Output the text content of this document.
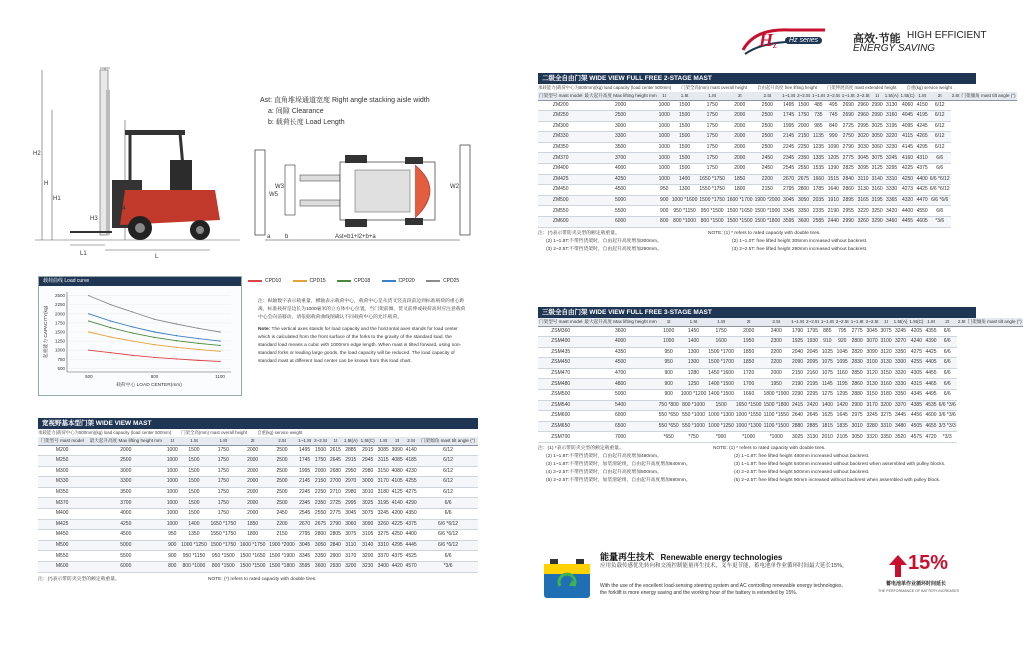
H z	Hz series	高效·节能 HIGH EFFICIENT
ENERGY SAVING
H2
H
H1
H3
H4
L1	L
Ast: 直角堆垛通道宽度 Right angle stacking aisle width
a: 间隙 Clearance
b: 载荷长度 Load Length
W3
W5
W2
a b	Ast=b1+l2+b+a
载荷曲线 Load curve
500
750
1000
1250
1500
1750
2000
2250
2500
500	800	1100
载荷中心 LOAD CENTER(mm)
起重能力 CAPACITY(kg)
CPD10
	CPD15
	CPD18
	CPD20
	CPD25
注：纵轴数字表示载重量，横轴表示载荷中心，载荷中心是从货叉竖直段前边到标准载荷的重心距离，标准载荷是边长为1000毫米的立方体中心位置。当门架前倾、货叉前伸或载荷高时应注意载荷中心会向前移动，请依据载荷曲线图确认不同载荷中心的允许载荷。
Note: The vertical axes stands for load capacity and the horizontal axes stands for load center which is calculated from the front surface of the forks to the gravity of the standard load. the standard load means a cubic with 1000mm edge length. When mast is tilted forward, using non-standard forks or leading large goods, the load capacity will be reduced. The load capacity of standard mast at different load center can be known from this load chart.
宽视野基本型门架 WIDE VIEW MAST
承载能力(载荷中心为500mm)(kg) load capacity (load center 500mm) 门架全高(mm) mast overall height 自重(kg) service weight
门架型号 mast model	最大起升高度 Max lifting height mm	1t	1.5t	1.8t	2t	2.5t	1~1.8t	2~2.5t	1t	1.5t(A)	1.5t(C)	1.8t	2t	2.5t	门架倾角 mast tilt angle (°)
M200	2000	1000	1500	1750	2000	2500	1495	1500	2615	2885	2915	3085	3990	4140	6/12
M250	2500	1000	1500	1750	2000	2500	1745	1750	2645	2915	2945	3115	4085	4185	6/12
M300	3000	1000	1500	1750	2000	2500	1995	2000	2680	2950	2980	3150	4080	4230	6/12
M330	3300	1000	1500	1750	2000	2500	2145	2150	2700	2970	3000	3170	4105	4255	6/12
M350	3500	1000	1500	1750	2000	2500	2245	2250	2710	2980	3010	3180	4125	4275	6/12
M370	3700	1000	1500	1750	2000	2500	2345	2350	2725	2995	3025	3195	4140	4290	6/6
M400	4000	1000	1500	1750	2000	2450	2545	2550	2775	3045	3075	3245	4200	4350	6/6
M425	4250	1000	1400	1650 *1750	1850	2200	2670	2675	2790	3060	3090	3260	4225	4375	6/6 *6/12
M450	4500	950	1350	1550 *1750	1800	2150	2795	2800	2805	3075	3105	3275	4250	4400	6/6 *6/12
M500	5000	900	1000 *1250	1500 *1750	1600 *1750	1900 *2000	3045	3050	2840	3110	3140	3310	4295	4445	6/6 *6/12
M550	5500	900	950 *1150	950 *1500	1500 *1650	1500 *1900	3345	3350	2900	3170	3200	3370	4375	4525	6/6
M600	6000	800	800 *1000	800 *1500	1500 *1500	1500 *1800	3595	3600	2930	3200	3230	3400	4420	4570	*3/6
注：(*)表示带防夹尖型的额定载重量。	NOTE: (*) refers to rated capacity with double tires.
二级全自由门架 WIDE VIEW FULL FREE 2-STAGE MAST
承载能力(载荷中心为500mm)(kg) load capacity (load center 500mm) 门架全高(mm) mast overall height 自由起升高度 free lifting height 门架伸展高度 mast extended height 自重(kg) service weight
门架型号 mast model	最大起升高度 Max lifting height mm	1t	1.5t	1.8t	2t	2.5t	1~1.8t	2~2.5t	1~1.8t	2~2.5t	1~1.8t	2~2.5t	1t	1.5t(A)	1.5t(C)	1.8t	2t	2.5t	门架倾角 mast tilt angle (°)
ZM200	2000	1000	1500	1750	2000	2500	1495	1500	485	495	2690	2960	2990	3130	4060	4150	6/12		
ZM250	2500	1000	1500	1750	2000	2500	1745	1750	735	745	2690	2960	2990	3160	4045	4195	6/12		
ZM300	3000	1000	1500	1750	2000	2500	1995	2000	985	840	2725	2995	3025	3195	4095	4245	6/12		
ZM330	3300	1000	1500	1750	2000	2500	2145	2150	1135	990	2750	3020	3050	3220	4115	4265	6/12		
ZM350	3500	1000	1500	1750	2000	2500	2245	2250	1235	1090	2790	3030	3060	3230	4145	4295	6/12		
ZM370	3700	1000	1500	1750	2000	2450	2345	2350	1335	1205	2775	3045	3075	3245	4160	4310	6/6		
ZM400	4000	1000	1500	1750	2000	2450	2545	2550	1535	1390	2825	3095	3125	3295	4225	4375	6/6		
ZM425	4250	1000	1400	1650 *1750	1850	2200	2670	2675	1660	1515	2840	3110	3140	3310	4250	4400	6/6 *6/12		
ZM450	4500	950	1300	1550 *1750	1800	2150	2795	2800	1785	1640	2860	3130	3160	3330	4273	4425	6/6 *6/12		
ZM500	5000	900	1000 *1600	1500 *1750	1600 *1700	1900 *2000	3045	3050	2035	1910	2895	3165	3195	3365	4320	4470	6/6 *6/6		
ZM550	5500	900	950 *1150	950 *1500	1500 *1650	1500 *1900	3345	3350	2335	2190	2955	3220	3250	3420	4400	4550	6/6		
ZM600	6000	800	800 *1000	800 *1500	1500 *1500	1500 *1800	3595	3600	2585	2440	2990	3260	3290	3460	4455	4605	*3/6		
注：(*)表示带防夹尖型的额定载重量。
(2) 1~1.8T:不带挡货架时，自由起升高度增加300mm。
(3) 2~2.5T:不带挡货架时，自由起升高度增加290mm。
NOTE: (1) * refers to rated capacity with double tires.
(2) 1~1.0T: free lifted height 305mm increased without backrest.
(3) 2~2.5T: free lifted height 290mm increased without backrest.
三级全自由门架 WIDE VIEW FULL FREE 3-STAGE MAST
门架型号 mast model	最大起升高度 Max lifting height mm	1t	1.5t	1.8t	2t	2.5t	1~1.8t	2~2.5t	1~1.8t	2~2.5t	1~1.8t	2~2.5t	1t	1.5t(A)	1.5t(C)	1.8t	2t	2.5t	门架倾角 mast tilt angle (°)
ZSM360	3600	1000	1450	1750	2000	2400	1790	1795	885	795	2775	3045	3075	3245	4205	4355	6/6		
ZSM400	4000	1000	1400	1600	1950	2300	1925	1930	910	920	2800	3070	3100	3270	4240	4390	6/6		
ZSM435	4350	950	1300	1500 *1700	1850	2200	2040	2045	1025	1045	2820	3090	3120	3350	4275	4425	6/6		
ZSM450	4500	950	1300	1500 *1700	1850	2200	2090	2095	1075	1095	2830	3100	3130	3300	4255	4405	6/6		
ZSM470	4700	900	1280	1450 *1600	1720	2000	2150	2160	1075	1160	2850	3120	3150	3320	4305	4455	6/6		
ZSM480	4800	900	1250	1400 *1500	1700	1950	2190	2195	1145	1195	2860	3130	3160	3330	4315	4465	6/6		
ZSM500	5000	900	1000 *1200	1400 *1500	1660	1800 *1900	2290	2295	1275	1295	2880	3150	3180	3350	4345	4495	6/6		
ZSM540	5400	750 *800	800 *1000	1500	1650 *1500	1500 *1800	2415	2420	1400	1420	2900	3170	3200	3370	4385	4535	6/6 *3/6		
ZSM600	6000	550 *650	550 *1000	1000 *1300	1000 *1550	1100 *1550	2640	2645	1625	1645	2975	3245	3275	3445	4456	4600	3/6 *3/6		
ZSM650	6500	550 *650	550 *1000	1000 *1250	1000 *1300	1100 *1500	2880	2885	1815	1835	3010	3280	3310	3480	4505	4655	3/3 *3/3		
ZSM700	7000	*650	*750	*900	*1000	*1000	3025	3130	2010	2105	3050	3320	3350	3520	4575	4720	*3/3		
注：(1) *表示带防夹尖型的额定载重量。
(2) 1~1.8T:不带挡货架时，自由起升高度增加480mm。
(3) 1~1.8T:不带挡货架时，加装滑轮组，自由起升高度增加640mm。
(4) 2~2.5T:不带挡货架时，自由起升高度增加500mm。
(5) 2~2.5T:不带挡货架时，加装滑轮组，自由起升高度增加690mm。
NOTE: (1) * refers to rated capacity with double tires.
(2) 1~1.8T: free lifted height 480mm increased without backrest.
(3) 1~1.8T: free lifted height 640mm increased without backrest when assembled with pulley blocks.
(4) 2~2.5T: free lifted height 500mm increased without backrest.
(5) 2~2.5T: free lifted height 90mm increased without backrest when assembled with pulley block.
能量再生技术 Renewable energy technologies
应用负载传感优先转向和交流控制能量再生技术，叉车更节能，蓄电池单作业循环时间最大延长15%。
With the use of the excellent load-sensing steering system and AC controlling renewable energy technologies, the forklift is more energy saving and the working hour of the battery is extended by 15%.
15%
蓄电池单作业循环时间延长
THE PERFORMANCE OF BATTERY INCREASES
